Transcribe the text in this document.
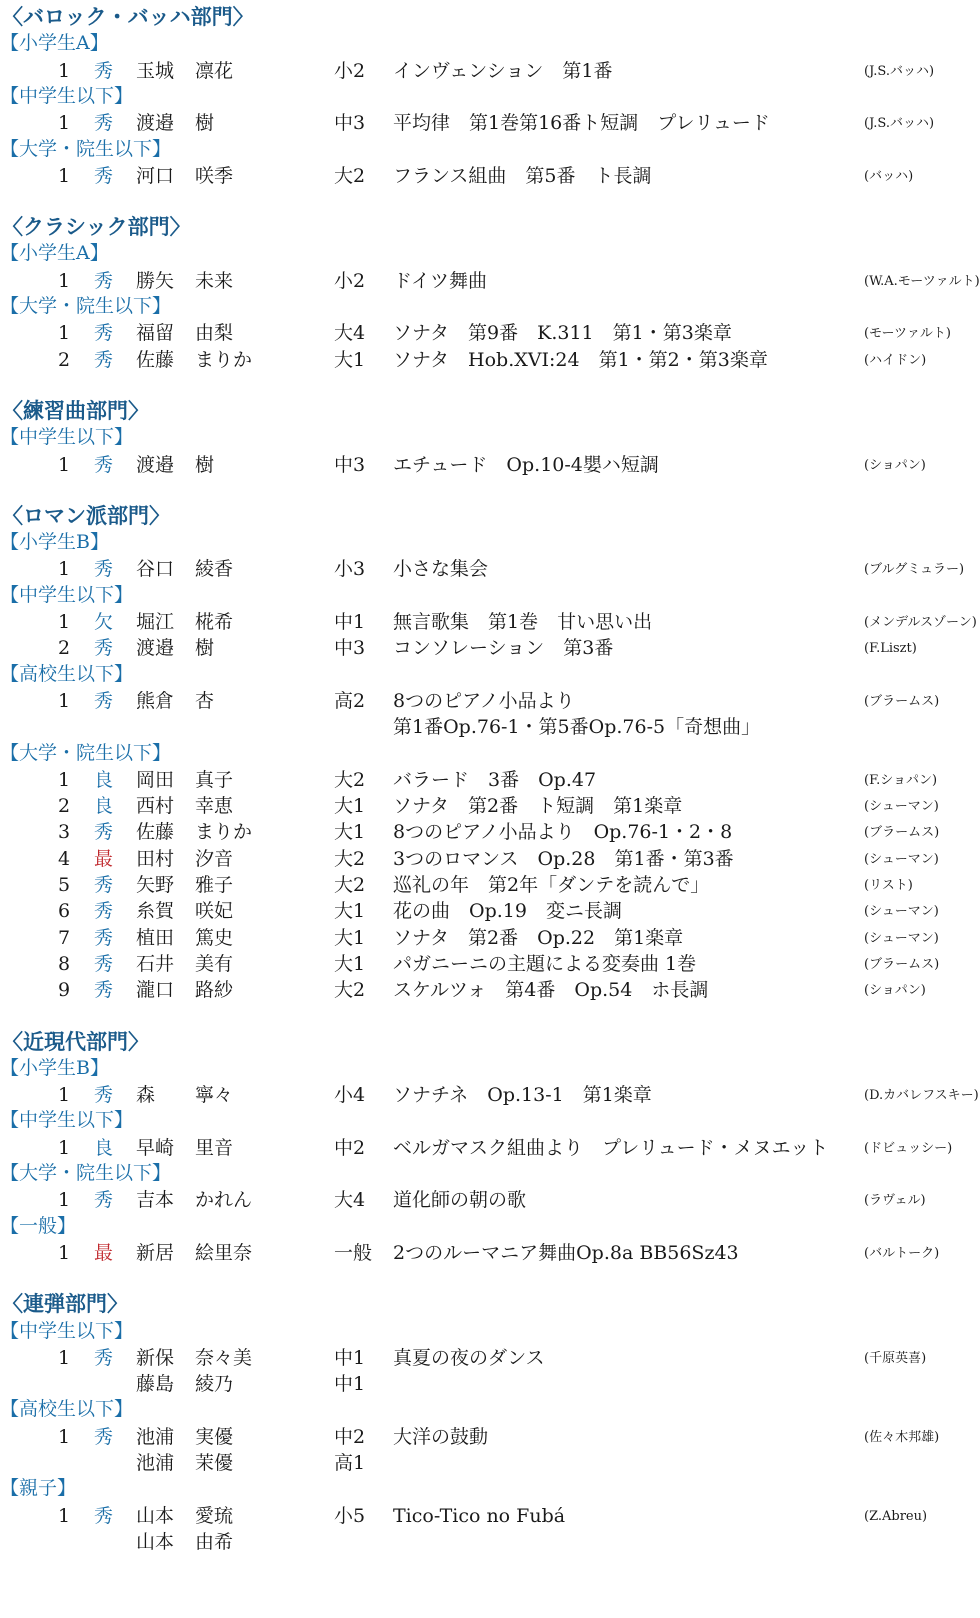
〈バロック・バッハ部門〉
【小学生A】
1 秀 玉城 凛花	小2 インヴェンション　第1番	(J.S.バッハ)
【中学生以下】
1 秀 渡邉 樹	中3 平均律　第1巻第16番ト短調　プレリュード	(J.S.バッハ)
【大学・院生以下】
1 秀 河口 咲季	大2 フランス組曲　第5番　ト長調	(バッハ)
〈クラシック部門〉
【小学生A】
1 秀 勝矢 未来	小2 ドイツ舞曲	(W.A.モーツァルト)
【大学・院生以下】
1 秀 福留 由梨	大4 ソナタ　第9番　K.311　第1・第3楽章	(モーツァルト)
2 秀 佐藤 まりか	大1 ソナタ　Hob.XVI:24　第1・第2・第3楽章	(ハイドン)
〈練習曲部門〉
【中学生以下】
1 秀 渡邉 樹	中3 エチュード　Op.10-4嬰ハ短調	(ショパン)
〈ロマン派部門〉
【小学生B】
1 秀 谷口 綾香	小3 小さな集会	(ブルグミュラー)
【中学生以下】
1 欠 堀江 椛希	中1 無言歌集　第1巻　甘い思い出	(メンデルスゾーン)
2 秀 渡邉 樹	中3 コンソレーション　第3番	(F.Liszt)
【高校生以下】
1 秀 熊倉 杏	高2 8つのピアノ小品より	(ブラームス)
第1番Op.76-1・第5番Op.76-5「奇想曲」
【大学・院生以下】
1 良 岡田 真子	大2 バラード　3番　Op.47	(F.ショパン)
2 良 西村 幸恵	大1 ソナタ　第2番　ト短調　第1楽章	(シューマン)
3 秀 佐藤 まりか	大1 8つのピアノ小品より　Op.76-1・2・8	(ブラームス)
4 最 田村 汐音	大2 3つのロマンス　Op.28　第1番・第3番	(シューマン)
5 秀 矢野 雅子	大2 巡礼の年　第2年「ダンテを読んで」	(リスト)
6 秀 糸賀 咲妃	大1 花の曲　Op.19　変ニ長調	(シューマン)
7 秀 植田 篤史	大1 ソナタ　第2番　Op.22　第1楽章	(シューマン)
8 秀 石井 美有	大1 パガニーニの主題による変奏曲 1巻	(ブラームス)
9 秀 瀧口 路紗	大2 スケルツォ　第4番　Op.54　ホ長調	(ショパン)
〈近現代部門〉
【小学生B】
1 秀 森 寧々	小4 ソナチネ　Op.13-1　第1楽章	(D.カバレフスキー)
【中学生以下】
1 良 早崎 里音	中2 ベルガマスク組曲より　プレリュード・メヌエット	(ドビュッシー)
【大学・院生以下】
1 秀 吉本 かれん	大4 道化師の朝の歌	(ラヴェル)
【一般】
1 最 新居 絵里奈	一般 2つのルーマニア舞曲Op.8a BB56Sz43	(バルトーク)
〈連弾部門〉
【中学生以下】
1 秀 新保 奈々美	中1 真夏の夜のダンス	(千原英喜)
藤島 綾乃	中1
【高校生以下】
1 秀 池浦 実優	中2 大洋の鼓動	(佐々木邦雄)
池浦 茉優	高1
【親子】
1 秀 山本 愛琉	小5 Tico-Tico no Fubá	(Z.Abreu)
山本 由希
